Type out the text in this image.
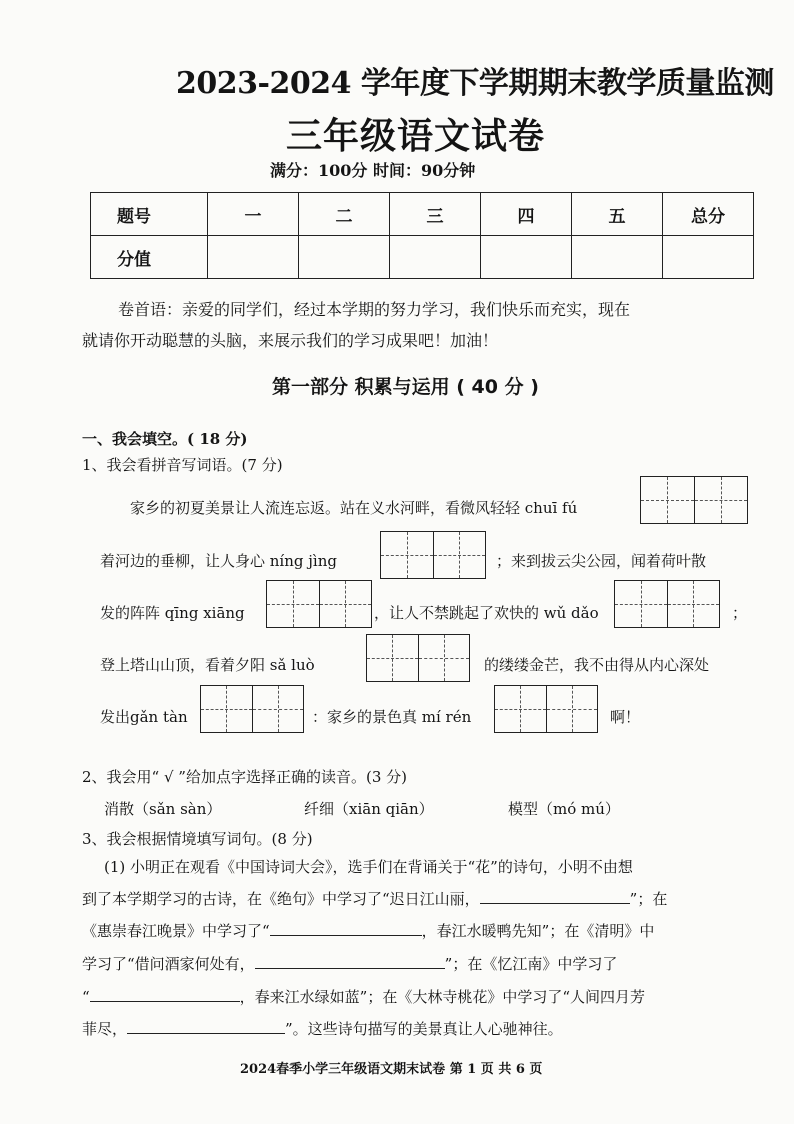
2023-2024 学年度下学期期末教学质量监测
三年级语文试卷
满分：100分 时间：90分钟
题号	一	二	三	四	五	总分
分值						
卷首语：亲爱的同学们，经过本学期的努力学习，我们快乐而充实，现在
就请你开动聪慧的头脑，来展示我们的学习成果吧！加油！
第一部分 积累与运用 ( 40 分 )
一、我会填空。( 18 分)
1、我会看拼音写词语。(7 分)
家乡的初夏美景让人流连忘返。站在义水河畔，看微风轻轻 chuī fú
着河边的垂柳，让人身心 níng jìng	；来到拔云尖公园，闻着荷叶散
发的阵阵 qīng xiāng	，让人不禁跳起了欢快的 wǔ dǎo	；
登上塔山山顶，看着夕阳 sǎ luò	的缕缕金芒，我不由得从内心深处
发出gǎn tàn	：家乡的景色真 mí rén	啊！
2、我会用“ √ ”给加点字选择正确的读音。(3 分)
消散（sǎn sàn）	纤细（xiān qiān）	模型（mó mú）
3、我会根据情境填写词句。(8 分)
(1) 小明正在观看《中国诗词大会》，选手们在背诵关于“花”的诗句，小明不由想
到了本学期学习的古诗，在《绝句》中学习了“迟日江山丽，	”；在
《惠崇春江晚景》中学习了“	，春江水暖鸭先知”；在《清明》中
学习了“借问酒家何处有，	”；在《忆江南》中学习了
“	，春来江水绿如蓝”；在《大林寺桃花》中学习了“人间四月芳
菲尽，	”。这些诗句描写的美景真让人心驰神往。
2024春季小学三年级语文期末试卷 第 1 页 共 6 页
